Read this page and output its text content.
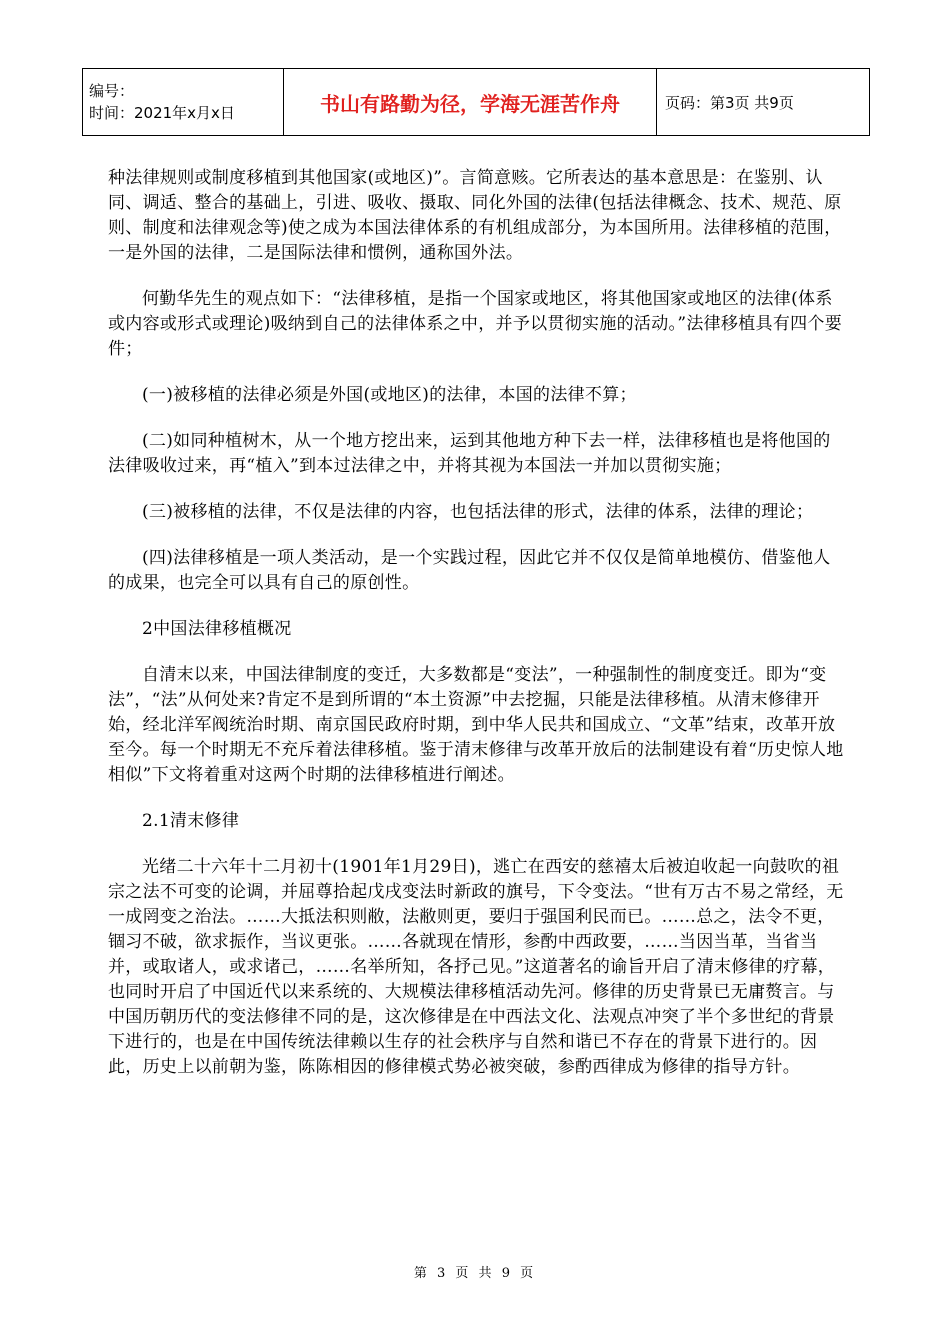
编号：
时间：2021年x月x日	书山有路勤为径，学海无涯苦作舟	页码：第3页 共9页

种法律规则或制度移植到其他国家(或地区)”。言简意赅。它所表达的基本意思是：在鉴别、认同、调适、整合的基础上，引进、吸收、摄取、同化外国的法律(包括法律概念、技术、规范、原则、制度和法律观念等)使之成为本国法律体系的有机组成部分，为本国所用。法律移植的范围，一是外国的法律，二是国际法律和惯例，通称国外法。

何勤华先生的观点如下：“法律移植，是指一个国家或地区，将其他国家或地区的法律(体系或内容或形式或理论)吸纳到自己的法律体系之中，并予以贯彻实施的活动。”法律移植具有四个要件；

(一)被移植的法律必须是外国(或地区)的法律，本国的法律不算；

(二)如同种植树木，从一个地方挖出来，运到其他地方种下去一样，法律移植也是将他国的法律吸收过来，再“植入”到本过法律之中，并将其视为本国法一并加以贯彻实施；

(三)被移植的法律，不仅是法律的内容，也包括法律的形式，法律的体系，法律的理论；

(四)法律移植是一项人类活动，是一个实践过程，因此它并不仅仅是简单地模仿、借鉴他人的成果，也完全可以具有自己的原创性。

2中国法律移植概况

自清末以来，中国法律制度的变迁，大多数都是“变法”，一种强制性的制度变迁。即为“变法”，“法”从何处来?肯定不是到所谓的“本土资源”中去挖掘，只能是法律移植。从清末修律开始，经北洋军阀统治时期、南京国民政府时期，到中华人民共和国成立、“文革”结束，改革开放至今。每一个时期无不充斥着法律移植。鉴于清末修律与改革开放后的法制建设有着“历史惊人地相似”下文将着重对这两个时期的法律移植进行阐述。

2.1清末修律

光绪二十六年十二月初十(1901年1月29日)，逃亡在西安的慈禧太后被迫收起一向鼓吹的祖宗之法不可变的论调，并屈尊拾起戊戌变法时新政的旗号，下令变法。“世有万古不易之常经，无一成罔变之治法。……大抵法积则敝，法敝则更，要归于强国利民而已。……总之，法令不更，锢习不破，欲求振作，当议更张。……各就现在情形，参酌中西政要，……当因当革，当省当并，或取诸人，或求诸己，……名举所知，各抒己见。”这道著名的谕旨开启了清末修律的疗幕，也同时开启了中国近代以来系统的、大规模法律移植活动先河。修律的历史背景已无庸赘言。与中国历朝历代的变法修律不同的是，这次修律是在中西法文化、法观点冲突了半个多世纪的背景下进行的，也是在中国传统法律赖以生存的社会秩序与自然和谐已不存在的背景下进行的。因此，历史上以前朝为鉴，陈陈相因的修律模式势必被突破，参酌西律成为修律的指导方针。

第 3 页 共 9 页
